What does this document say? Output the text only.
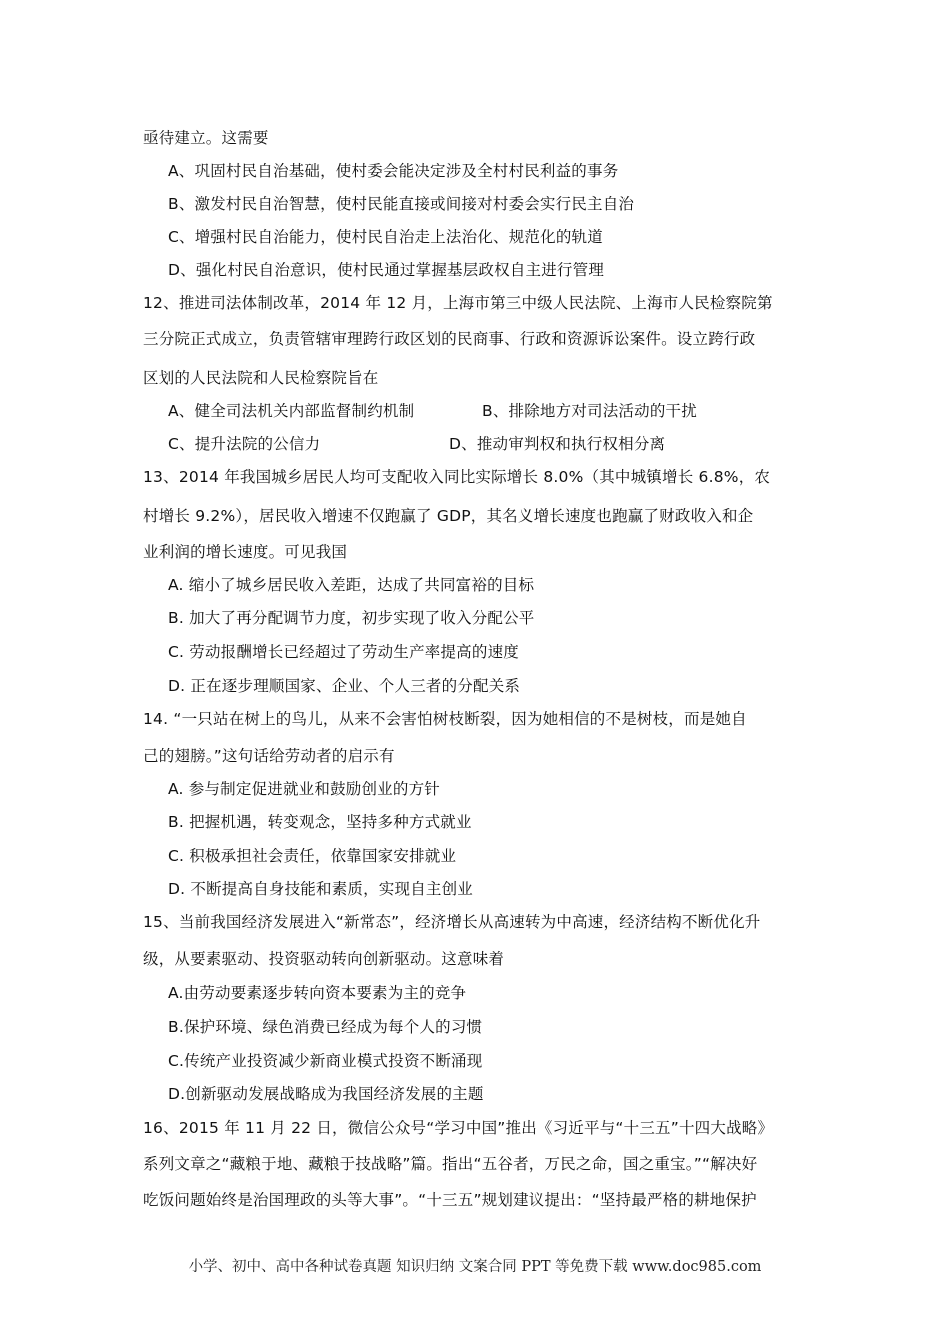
亟待建立。这需要
A、巩固村民自治基础，使村委会能决定涉及全村村民利益的事务
B、激发村民自治智慧，使村民能直接或间接对村委会实行民主自治
C、增强村民自治能力，使村民自治走上法治化、规范化的轨道
D、强化村民自治意识，使村民通过掌握基层政权自主进行管理
12、推进司法体制改革，2014 年 12 月，上海市第三中级人民法院、上海市人民检察院第
三分院正式成立，负责管辖审理跨行政区划的民商事、行政和资源诉讼案件。设立跨行政
区划的人民法院和人民检察院旨在
A、健全司法机关内部监督制约机制	B、排除地方对司法活动的干扰
C、提升法院的公信力	D、推动审判权和执行权相分离
13、2014 年我国城乡居民人均可支配收入同比实际增长 8.0%（其中城镇增长 6.8%，农
村增长 9.2%），居民收入增速不仅跑赢了 GDP，其名义增长速度也跑赢了财政收入和企
业利润的增长速度。可见我国
A. 缩小了城乡居民收入差距，达成了共同富裕的目标
B. 加大了再分配调节力度，初步实现了收入分配公平
C. 劳动报酬增长已经超过了劳动生产率提高的速度
D. 正在逐步理顺国家、企业、个人三者的分配关系
14. “一只站在树上的鸟儿，从来不会害怕树枝断裂，因为她相信的不是树枝，而是她自
己的翅膀。”这句话给劳动者的启示有
A. 参与制定促进就业和鼓励创业的方针
B. 把握机遇，转变观念，坚持多种方式就业
C. 积极承担社会责任，依靠国家安排就业
D. 不断提高自身技能和素质，实现自主创业
15、当前我国经济发展进入“新常态”，经济增长从高速转为中高速，经济结构不断优化升
级，从要素驱动、投资驱动转向创新驱动。这意味着
A.由劳动要素逐步转向资本要素为主的竞争
B.保护环境、绿色消费已经成为每个人的习惯
C.传统产业投资减少新商业模式投资不断涌现
D.创新驱动发展战略成为我国经济发展的主题
16、2015 年 11 月 22 日，微信公众号“学习中国”推出《习近平与“十三五”十四大战略》
系列文章之“藏粮于地、藏粮于技战略”篇。指出“五谷者，万民之命，国之重宝。”“解决好
吃饭问题始终是治国理政的头等大事”。“十三五”规划建议提出：“坚持最严格的耕地保护
小学、初中、高中各种试卷真题 知识归纳 文案合同 PPT 等免费下载 www.doc985.com
